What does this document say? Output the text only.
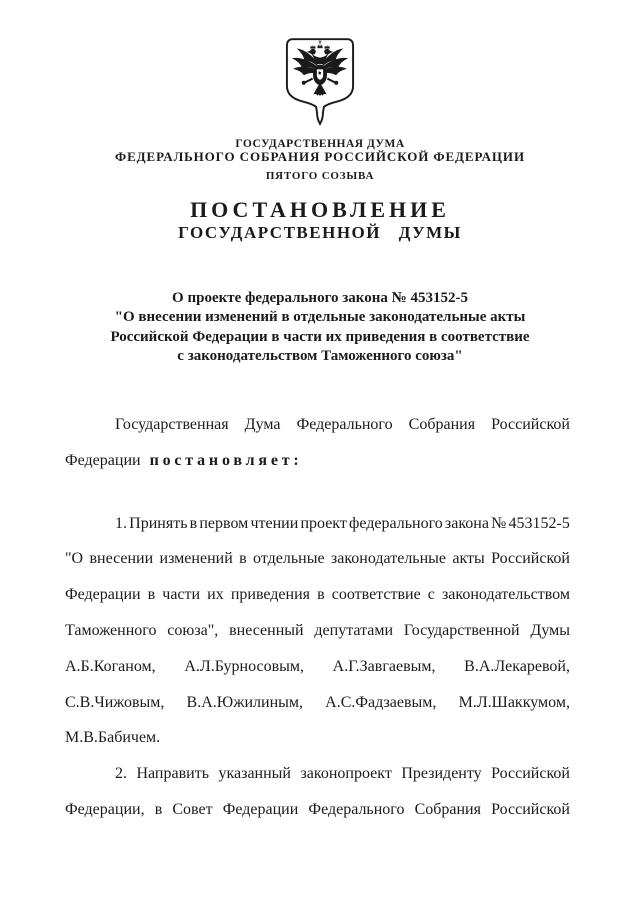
ГОСУДАРСТВЕННАЯ ДУМА
ФЕДЕРАЛЬНОГО СОБРАНИЯ РОССИЙСКОЙ ФЕДЕРАЦИИ
ПЯТОГО СОЗЫВА
ПОСТАНОВЛЕНИЕ
ГОСУДАРСТВЕННОЙ ДУМЫ
О проекте федерального закона № 453152-5
"О внесении изменений в отдельные законодательные акты
Российской Федерации в части их приведения в соответствие
с законодательством Таможенного союза"
Государственная Дума Федерального Собрания Российской
Федерации постановляет:
1. Принять в первом чтении проект федерального закона № 453152-5
"О внесении изменений в отдельные законодательные акты Российской
Федерации в части их приведения в соответствие с законодательством
Таможенного союза", внесенный депутатами Государственной Думы
А.Б.Коганом, А.Л.Бурносовым, А.Г.Завгаевым, В.А.Лекаревой,
С.В.Чижовым, В.А.Южилиным, А.С.Фадзаевым, М.Л.Шаккумом,
М.В.Бабичем.
2. Направить указанный законопроект Президенту Российской
Федерации, в Совет Федерации Федерального Собрания Российской
